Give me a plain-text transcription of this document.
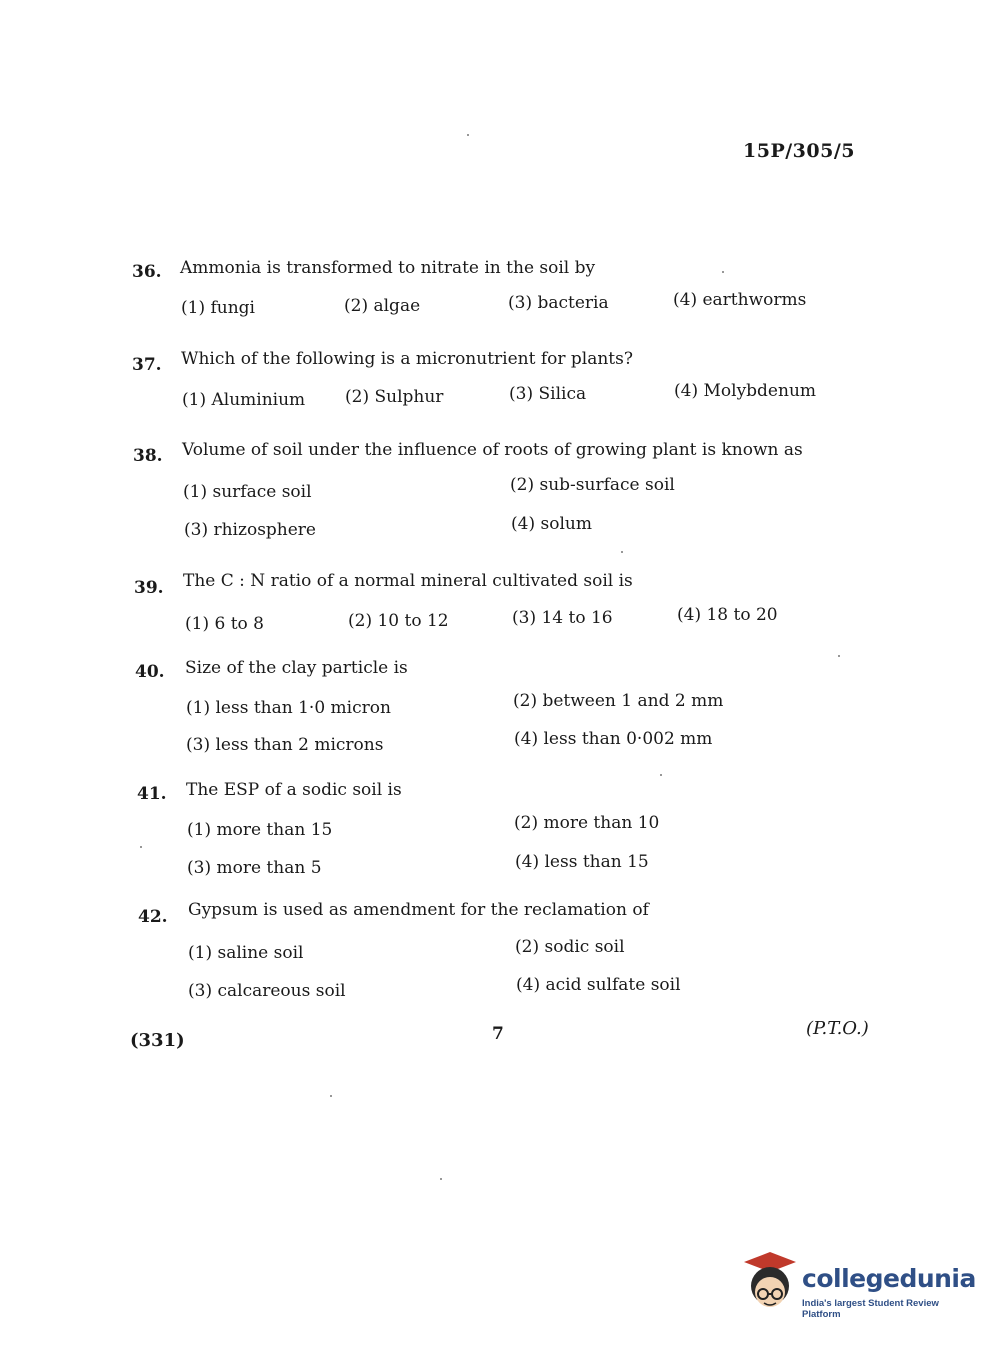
15P/305/5
36. Ammonia is transformed to nitrate in the soil by
(1) fungi	(2) algae	(3) bacteria	(4) earthworms
37. Which of the following is a micronutrient for plants?
(1) Aluminium (2) Sulphur	(3) Silica	(4) Molybdenum
38. Volume of soil under the influence of roots of growing plant is known as
(1) surface soil	(2) sub-surface soil
(3) rhizosphere	(4) solum
39. The C : N ratio of a normal mineral cultivated soil is
(1) 6 to 8	(2) 10 to 12	(3) 14 to 16	(4) 18 to 20
40. Size of the clay particle is
(1) less than 1·0 micron	(2) between 1 and 2 mm
(3) less than 2 microns	(4) less than 0·002 mm
41. The ESP of a sodic soil is
(1) more than 15	(2) more than 10
(3) more than 5	(4) less than 15
42. Gypsum is used as amendment for the reclamation of
(1) saline soil	(2) sodic soil
(3) calcareous soil	(4) acid sulfate soil
(331)	7	(P.T.O.)
collegedunia
India's largest Student Review Platform
